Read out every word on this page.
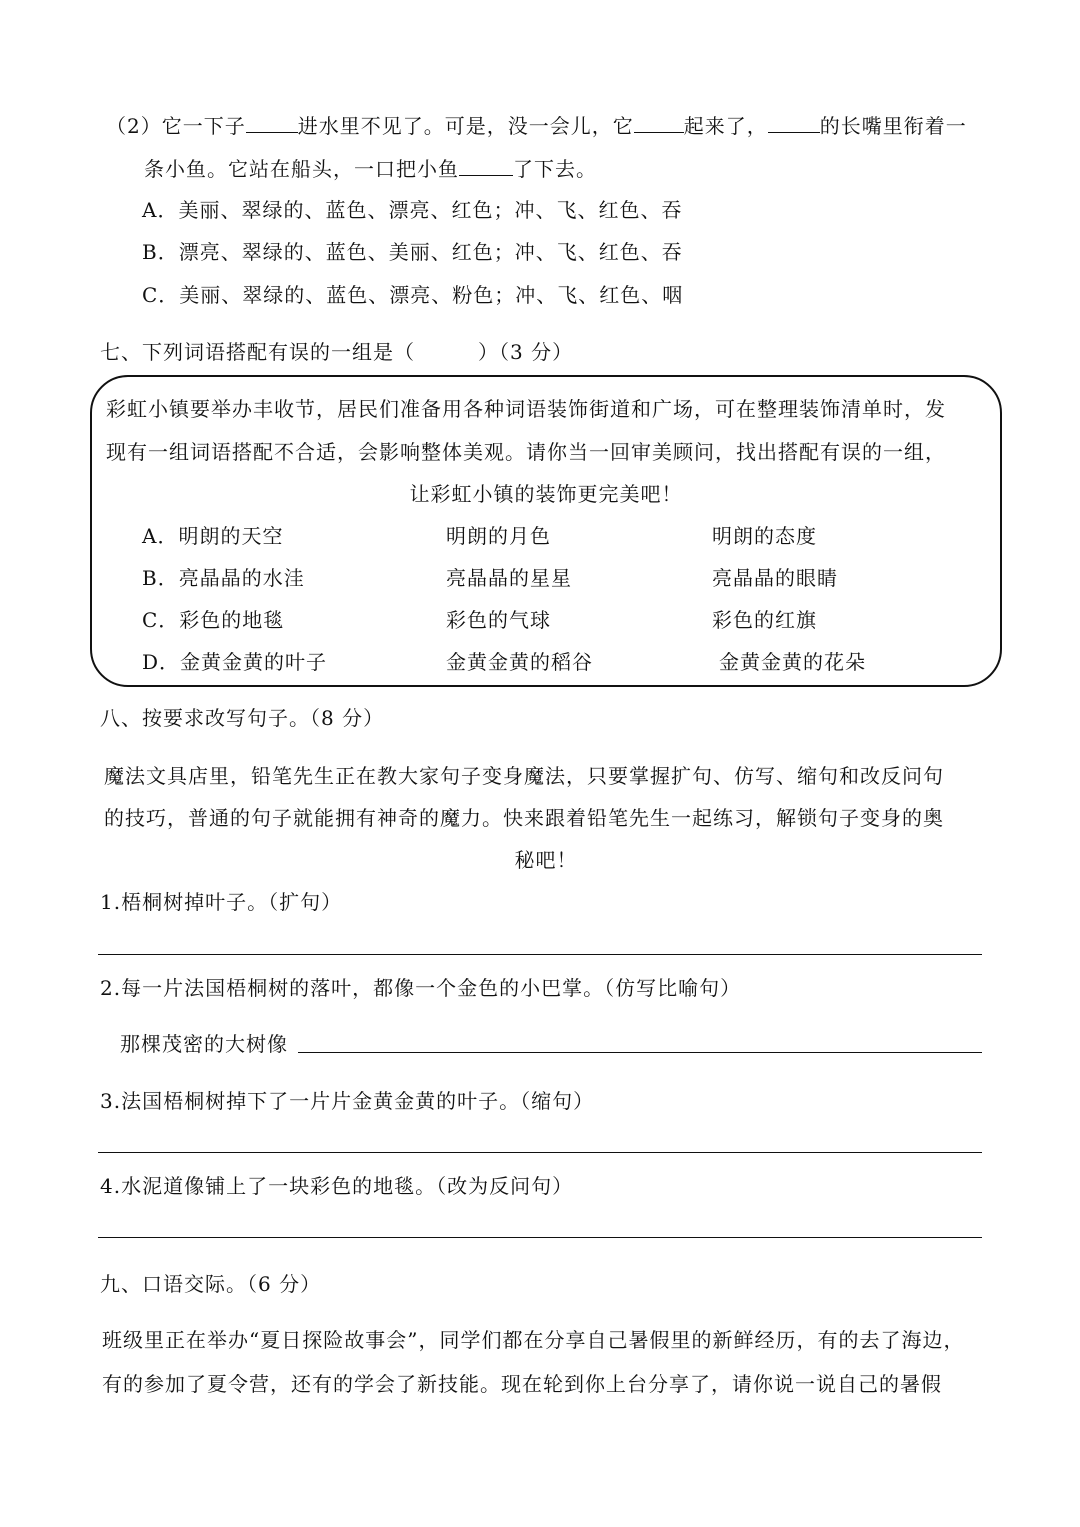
（2）它一下子	进水里不见了。可是，没一会儿，它	起来了，	的长嘴里衔着一
条小鱼。它站在船头，一口把小鱼	了下去。
A．美丽、翠绿的、蓝色、漂亮、红色；冲、飞、红色、吞
B．漂亮、翠绿的、蓝色、美丽、红色；冲、飞、红色、吞
C．美丽、翠绿的、蓝色、漂亮、粉色；冲、飞、红色、咽
七、下列词语搭配有误的一组是（　　　）（3 分）
彩虹小镇要举办丰收节，居民们准备用各种词语装饰街道和广场，可在整理装饰清单时，发
现有一组词语搭配不合适，会影响整体美观。请你当一回审美顾问，找出搭配有误的一组，
让彩虹小镇的装饰更完美吧！
A．明朗的天空	明朗的月色	明朗的态度
B．亮晶晶的水洼	亮晶晶的星星	亮晶晶的眼睛
C．彩色的地毯	彩色的气球	彩色的红旗
D．金黄金黄的叶子	金黄金黄的稻谷	金黄金黄的花朵
八、按要求改写句子。（8 分）
魔法文具店里，铅笔先生正在教大家句子变身魔法，只要掌握扩句、仿写、缩句和改反问句
的技巧，普通的句子就能拥有神奇的魔力。快来跟着铅笔先生一起练习，解锁句子变身的奥
秘吧！
1.梧桐树掉叶子。（扩句）
2.每一片法国梧桐树的落叶，都像一个金色的小巴掌。（仿写比喻句）
那棵茂密的大树像
3.法国梧桐树掉下了一片片金黄金黄的叶子。（缩句）
4.水泥道像铺上了一块彩色的地毯。（改为反问句）
九、口语交际。（6 分）
班级里正在举办“夏日探险故事会”，同学们都在分享自己暑假里的新鲜经历，有的去了海边，
有的参加了夏令营，还有的学会了新技能。现在轮到你上台分享了，请你说一说自己的暑假
